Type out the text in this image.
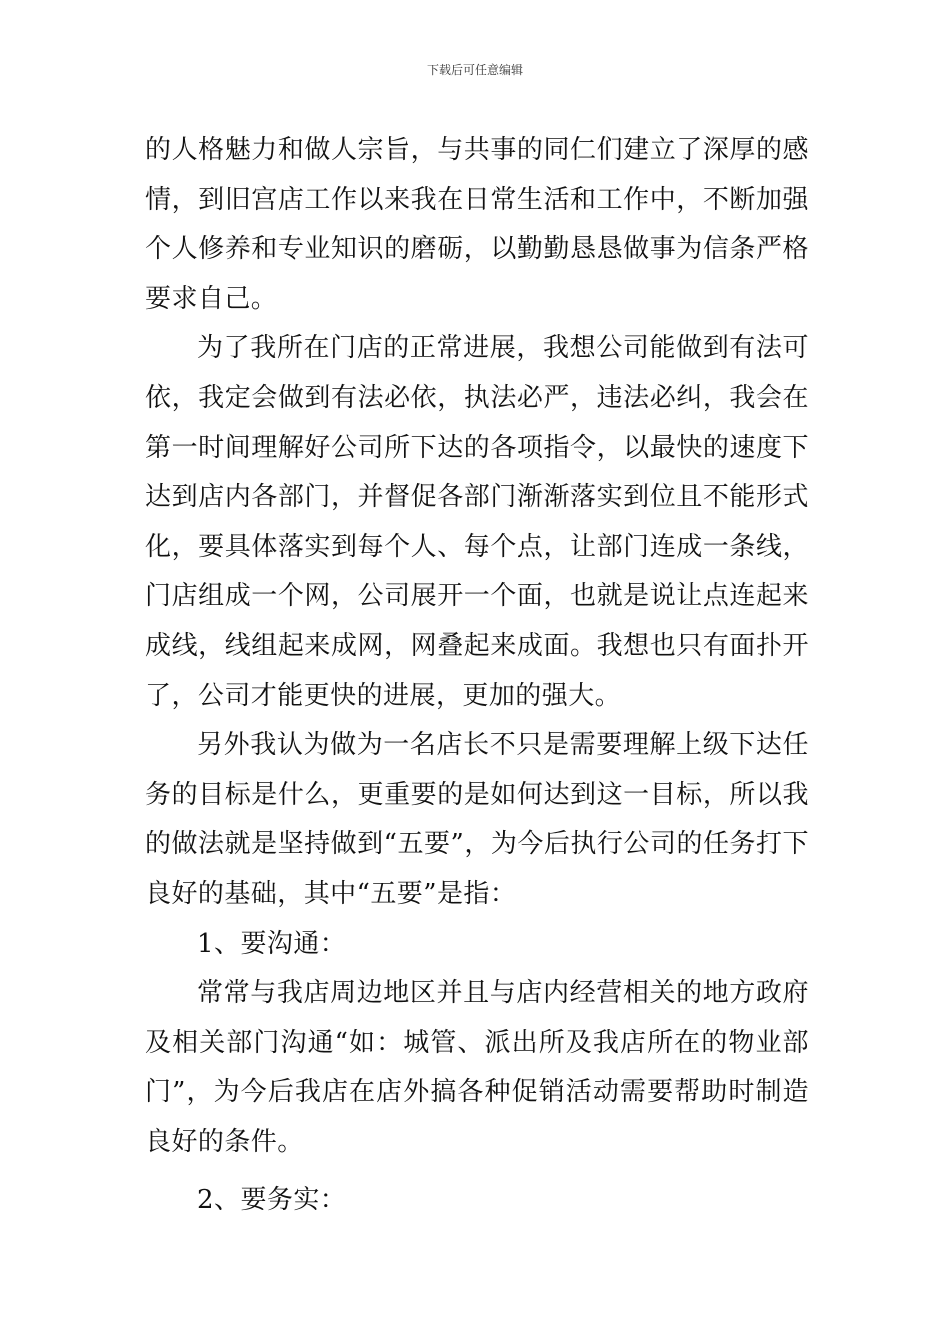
下载后可任意编辑

的人格魅力和做人宗旨，与共事的同仁们建立了深厚的感情，到旧宫店工作以来我在日常生活和工作中，不断加强个人修养和专业知识的磨砺，以勤勤恳恳做事为信条严格要求自己。

为了我所在门店的正常进展，我想公司能做到有法可依，我定会做到有法必依，执法必严，违法必纠，我会在第一时间理解好公司所下达的各项指令，以最快的速度下达到店内各部门，并督促各部门渐渐落实到位且不能形式化，要具体落实到每个人、每个点，让部门连成一条线，门店组成一个网，公司展开一个面，也就是说让点连起来成线，线组起来成网，网叠起来成面。我想也只有面扑开了，公司才能更快的进展，更加的强大。

另外我认为做为一名店长不只是需要理解上级下达任务的目标是什么，更重要的是如何达到这一目标，所以我的做法就是坚持做到“五要”，为今后执行公司的任务打下良好的基础，其中“五要”是指：

1、要沟通：

常常与我店周边地区并且与店内经营相关的地方政府及相关部门沟通“如：城管、派出所及我店所在的物业部门”，为今后我店在店外搞各种促销活动需要帮助时制造良好的条件。

2、要务实：
